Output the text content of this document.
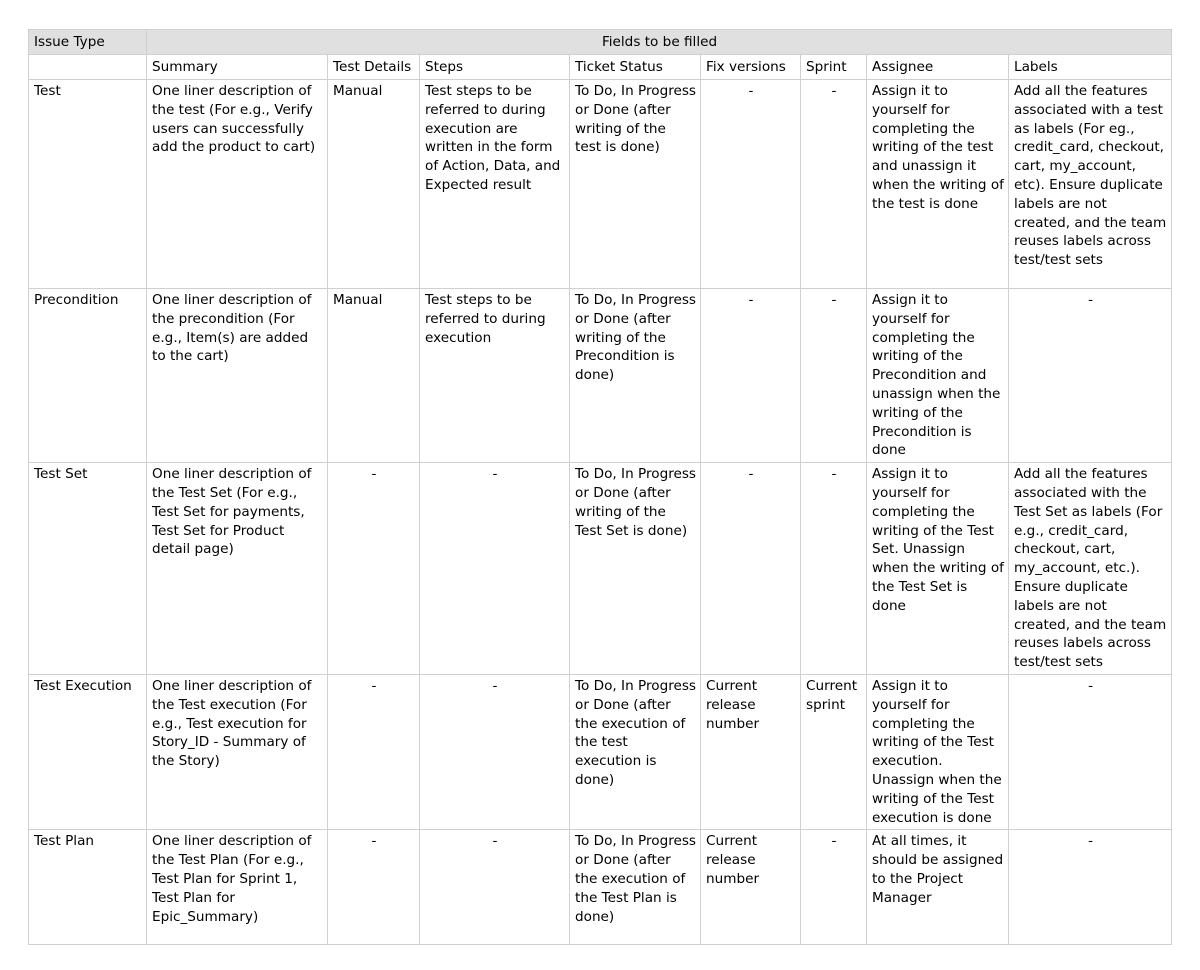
Issue Type	Fields to be filled							
	Summary	Test Details	Steps	Ticket Status	Fix versions	Sprint	Assignee	Labels
Test	One liner description of the test (For e.g., Verify users can successfully add the product to cart)	Manual	Test steps to be referred to during execution are written in the form of Action, Data, and Expected result	To Do, In Progress or Done (after writing of the test is done)	-	-	Assign it to yourself for completing the writing of the test and unassign it when the writing of the test is done	Add all the features associated with a test as labels (For eg., credit_card, checkout, cart, my_account, etc). Ensure duplicate labels are not created, and the team reuses labels across test/test sets
Precondition	One liner description of the precondition (For e.g., Item(s) are added to the cart)	Manual	Test steps to be referred to during execution	To Do, In Progress or Done (after writing of the Precondition is done)	-	-	Assign it to yourself for completing the writing of the Precondition and unassign when the writing of the Precondition is done	-
Test Set	One liner description of the Test Set (For e.g., Test Set for payments, Test Set for Product detail page)	-	-	To Do, In Progress or Done (after writing of the Test Set is done)	-	-	Assign it to yourself for completing the writing of the Test Set. Unassign when the writing of the Test Set is done	Add all the features associated with the Test Set as labels (For e.g., credit_card, checkout, cart, my_account, etc.). Ensure duplicate labels are not created, and the team reuses labels across test/test sets
Test Execution	One liner description of the Test execution (For e.g., Test execution for Story_ID - Summary of the Story)	-	-	To Do, In Progress or Done (after the execution of the test execution is done)	Current release number	Current sprint	Assign it to yourself for completing the writing of the Test execution. Unassign when the writing of the Test execution is done	-
Test Plan	One liner description of the Test Plan (For e.g., Test Plan for Sprint 1, Test Plan for Epic_Summary)	-	-	To Do, In Progress or Done (after the execution of the Test Plan is done)	Current release number	-	At all times, it should be assigned to the Project Manager	-
